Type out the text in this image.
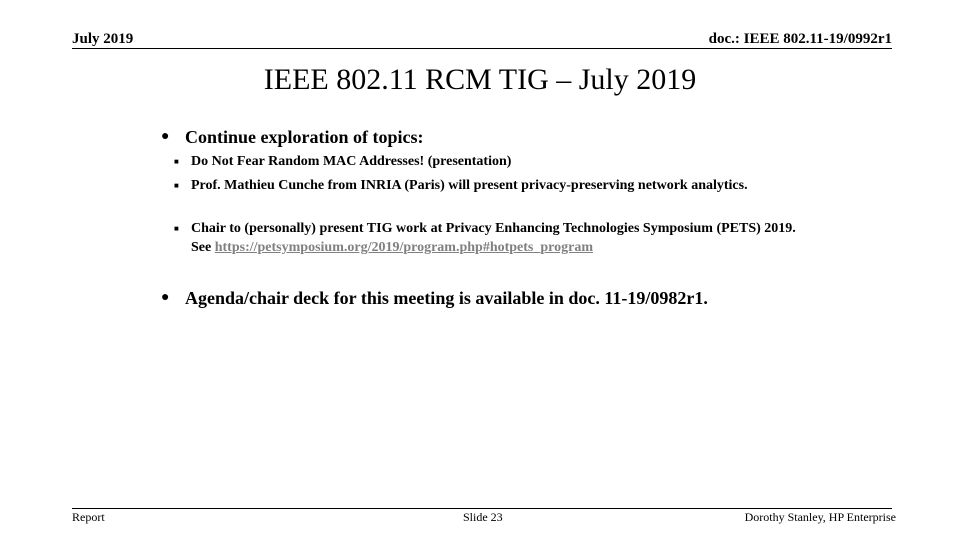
July 2019	doc.: IEEE 802.11-19/0992r1
IEEE 802.11 RCM TIG – July 2019
● Continue exploration of topics:
■ Do Not Fear Random MAC Addresses! (presentation)
■ Prof. Mathieu Cunche from INRIA (Paris) will present privacy-preserving network analytics.
■ Chair to (personally) present TIG work at Privacy Enhancing Technologies Symposium (PETS) 2019. See https://petsymposium.org/2019/program.php#hotpets_program
● Agenda/chair deck for this meeting is available in doc. 11-19/0982r1.
Report	Slide 23	Dorothy Stanley, HP Enterprise
